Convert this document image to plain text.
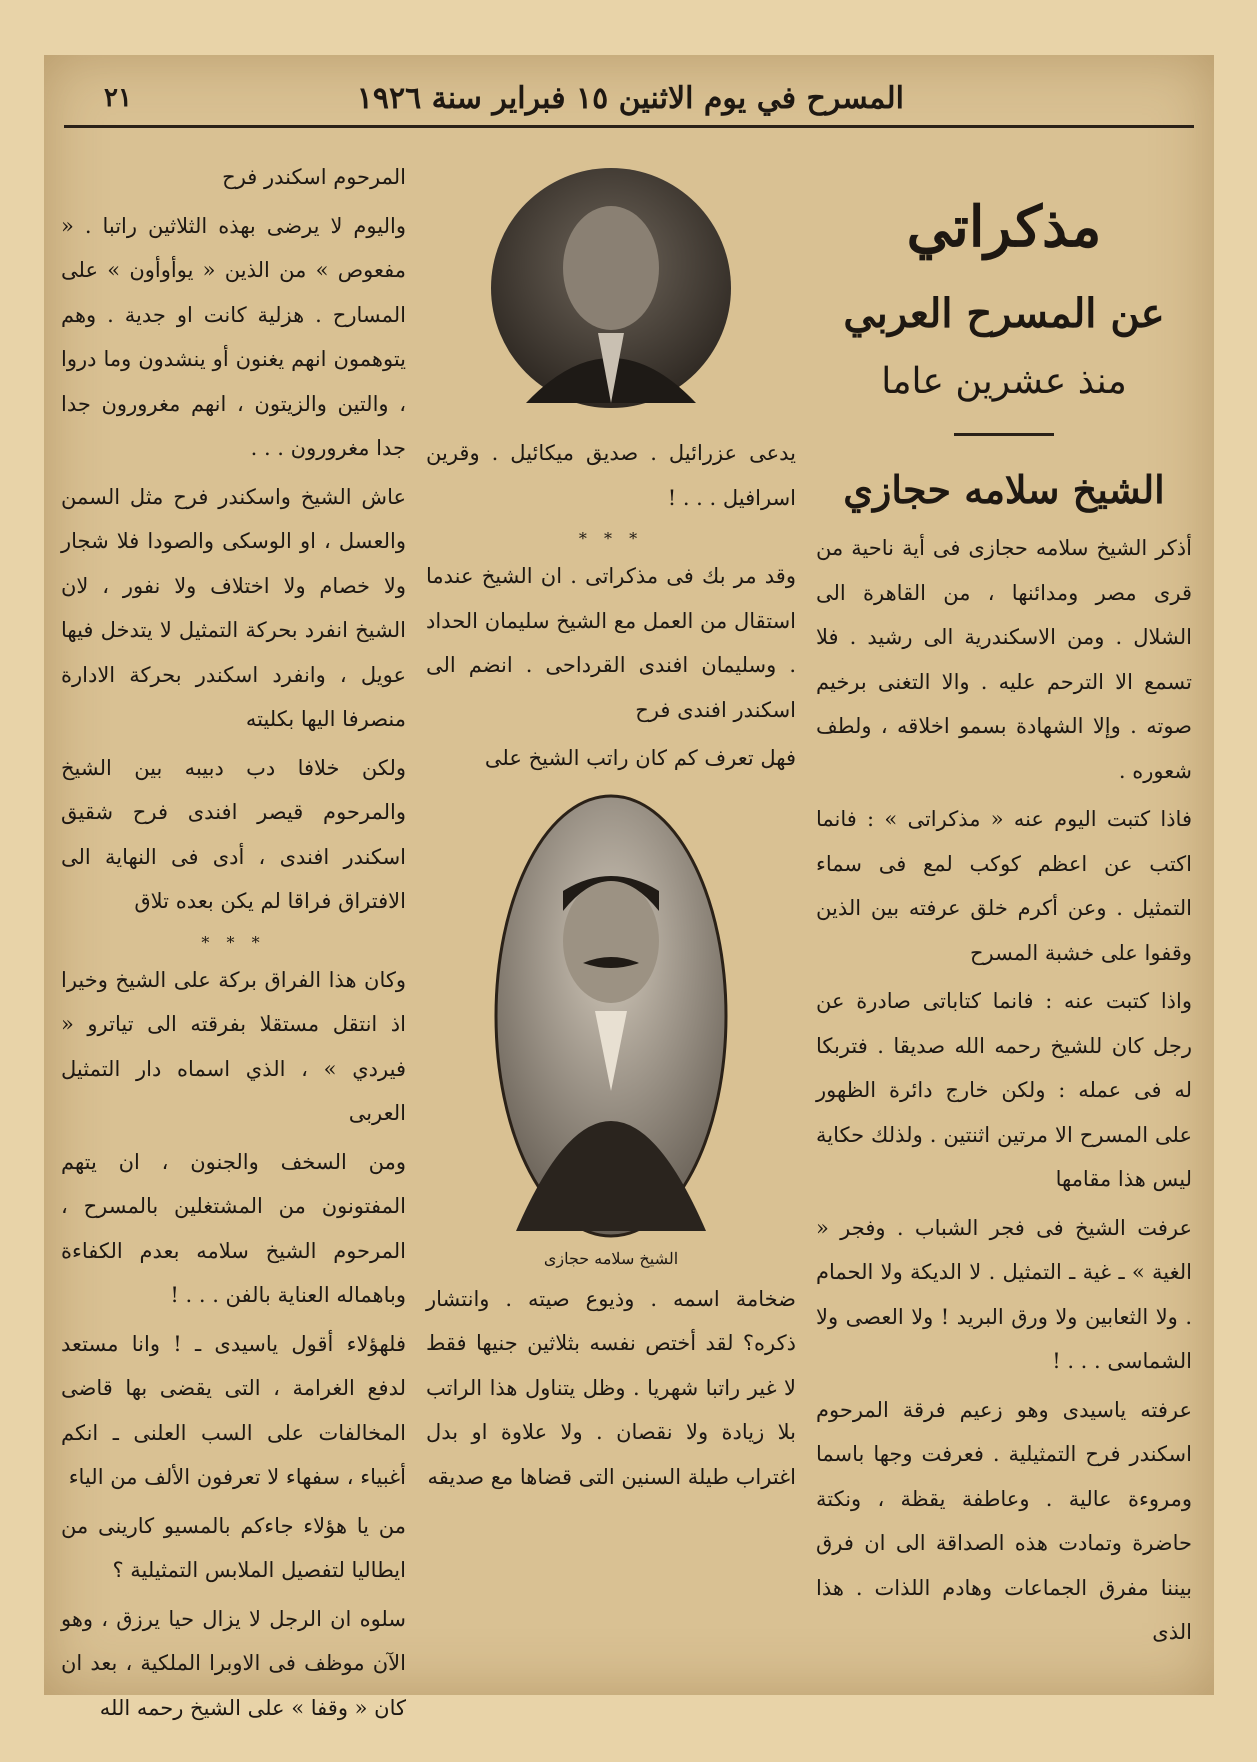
المسرح في يوم الاثنين ١٥ فبراير سنة ١٩٢٦
٢١
مذكراتي
عن المسرح العربي
منذ عشرين عاما
الشيخ سلامه حجازي

أذكر الشيخ سلامه حجازى فى أية ناحية من قرى مصر ومدائنها ، من القاهرة الى الشلال . ومن الاسكندرية الى رشيد . فلا تسمع الا الترحم عليه . والا التغنى برخيم صوته . وإلا الشهادة بسمو اخلاقه ، ولطف شعوره .

فاذا كتبت اليوم عنه « مذكراتى » : فانما اكتب عن اعظم كوكب لمع فى سماء التمثيل . وعن أكرم خلق عرفته بين الذين وقفوا على خشبة المسرح

واذا كتبت عنه : فانما كتاباتى صادرة عن رجل كان للشيخ رحمه الله صديقا . فتربكا له فى عمله : ولكن خارج دائرة الظهور على المسرح الا مرتين اثنتين . ولذلك حكاية ليس هذا مقامها

عرفت الشيخ فى فجر الشباب . وفجر « الغية » ـ غية ـ التمثيل . لا الديكة ولا الحمام . ولا الثعابين ولا ورق البريد ! ولا العصى ولا الشماسى . . . !

عرفته ياسيدى وهو زعيم فرقة المرحوم اسكندر فرح التمثيلية . فعرفت وجها باسما ومروءة عالية . وعاطفة يقظة ، ونكتة حاضرة وتمادت هذه الصداقة الى ان فرق بيننا مفرق الجماعات وهادم اللذات . هذا الذى

يدعى عزرائيل . صديق ميكائيل . وقرين اسرافيل . . . !

* * *

وقد مر بك فى مذكراتى . ان الشيخ عندما استقال من العمل مع الشيخ سليمان الحداد . وسليمان افندى القرداحى . انضم الى اسكندر افندى فرح

فهل تعرف كم كان راتب الشيخ على

الشيخ سلامه حجازى

ضخامة اسمه . وذيوع صيته . وانتشار ذكره؟ لقد أختص نفسه بثلاثين جنيها فقط لا غير راتبا شهريا . وظل يتناول هذا الراتب بلا زيادة ولا نقصان . ولا علاوة او بدل اغتراب طيلة السنين التى قضاها مع صديقه

المرحوم اسكندر فرح

واليوم لا يرضى بهذه الثلاثين راتبا . « مفعوص » من الذين « يوأوأون » على المسارح . هزلية كانت او جدية . وهم يتوهمون انهم يغنون أو ينشدون وما دروا ، والتين والزيتون ، انهم مغرورون جدا جدا مغرورون . . .

عاش الشيخ واسكندر فرح مثل السمن والعسل ، او الوسكى والصودا فلا شجار ولا خصام ولا اختلاف ولا نفور ، لان الشيخ انفرد بحركة التمثيل لا يتدخل فيها عويل ، وانفرد اسكندر بحركة الادارة منصرفا اليها بكليته

ولكن خلافا دب دبيبه بين الشيخ والمرحوم قيصر افندى فرح شقيق اسكندر افندى ، أدى فى النهاية الى الافتراق فراقا لم يكن بعده تلاق

* * *

وكان هذا الفراق بركة على الشيخ وخيرا اذ انتقل مستقلا بفرقته الى تياترو « فيردي » ، الذي اسماه دار التمثيل العربى

ومن السخف والجنون ، ان يتهم المفتونون من المشتغلين بالمسرح ، المرحوم الشيخ سلامه بعدم الكفاءة وباهماله العناية بالفن . . . !

فلهؤلاء أقول ياسيدى ـ ! وانا مستعد لدفع الغرامة ، التى يقضى بها قاضى المخالفات على السب العلنى ـ انكم أغبياء ، سفهاء لا تعرفون الألف من الياء

من يا هؤلاء جاءكم بالمسيو كارينى من ايطاليا لتفصيل الملابس التمثيلية ؟

سلوه ان الرجل لا يزال حيا يرزق ، وهو الآن موظف فى الاوبرا الملكية ، بعد ان كان « وقفا » على الشيخ رحمه الله
